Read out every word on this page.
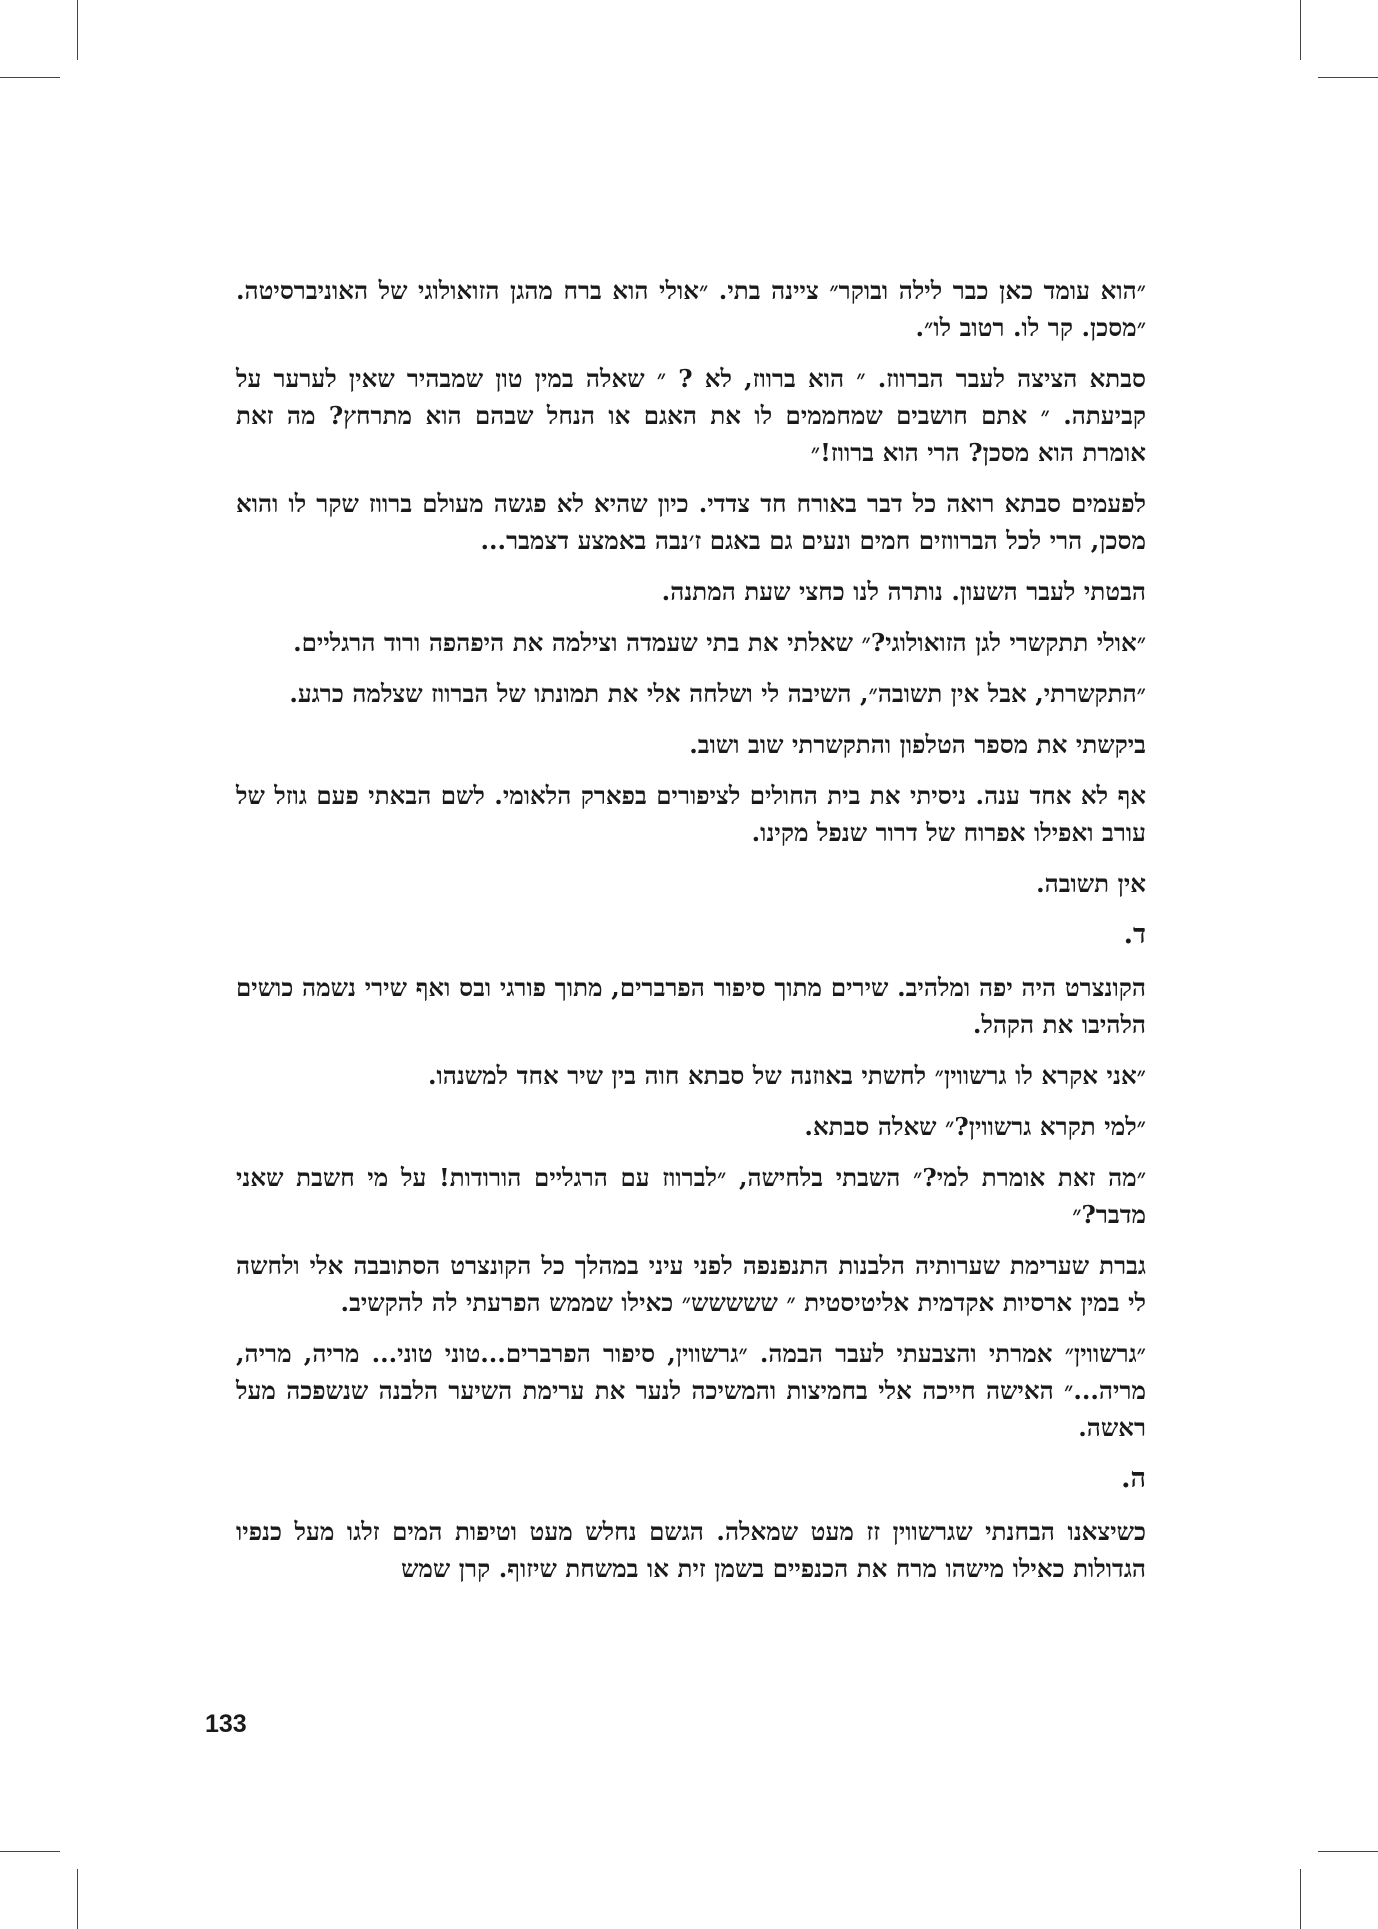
״הוא עומד כאן כבר לילה ובוקר״ ציינה בתי. ״אולי הוא ברח מהגן הזואולוגי של האוניברסיטה. ״מסכן. קר לו. רטוב לו״.

סבתא הציצה לעבר הברווז. ״ הוא ברווז, לא ? ״ שאלה במין טון שמבהיר שאין לערער על קביעתה. ״ אתם חושבים שמחממים לו את האגם או הנחל שבהם הוא מתרחץ? מה זאת אומרת הוא מסכן? הרי הוא ברווז!״

לפעמים סבתא רואה כל דבר באורח חד צדדי. כיון שהיא לא פגשה מעולם ברווז שקר לו והוא מסכן, הרי לכל הברווזים חמים ונעים גם באגם ז׳נבה באמצע דצמבר...

הבטתי לעבר השעון. נותרה לנו כחצי שעת המתנה.

״אולי תתקשרי לגן הזואולוגי?״ שאלתי את בתי שעמדה וצילמה את היפהפה ורוד הרגליים.

״התקשרתי, אבל אין תשובה״, השיבה לי ושלחה אלי את תמונתו של הברווז שצלמה כרגע.

ביקשתי את מספר הטלפון והתקשרתי שוב ושוב.

אף לא אחד ענה. ניסיתי את בית החולים לציפורים בפארק הלאומי. לשם הבאתי פעם גוזל של עורב ואפילו אפרוח של דרור שנפל מקינו.

אין תשובה.

ד.

הקונצרט היה יפה ומלהיב. שירים מתוך סיפור הפרברים, מתוך פורגי ובס ואף שירי נשמה כושים הלהיבו את הקהל.

״אני אקרא לו גרשווין״ לחשתי באוזנה של סבתא חוה בין שיר אחד למשנהו.

״למי תקרא גרשווין?״ שאלה סבתא.

״מה זאת אומרת למי?״ השבתי בלחישה, ״לברווז עם הרגליים הורודות! על מי חשבת שאני מדבר?״

גברת שערימת שערותיה הלבנות התנפנפה לפני עיני במהלך כל הקונצרט הסתובבה אלי ולחשה לי במין ארסיות אקדמית אליטיסטית ״ ששששש״ כאילו שממש הפרעתי לה להקשיב.

״גרשווין״ אמרתי והצבעתי לעבר הבמה. ״גרשווין, סיפור הפרברים...טוני טוני... מריה, מריה, מריה...״ האישה חייכה אלי בחמיצות והמשיכה לנער את ערימת השיער הלבנה שנשפכה מעל ראשה.

ה.

כשיצאנו הבחנתי שגרשווין זז מעט שמאלה. הגשם נחלש מעט וטיפות המים זלגו מעל כנפיו הגדולות כאילו מישהו מרח את הכנפיים בשמן זית או במשחת שיזוף. קרן שמש

133
